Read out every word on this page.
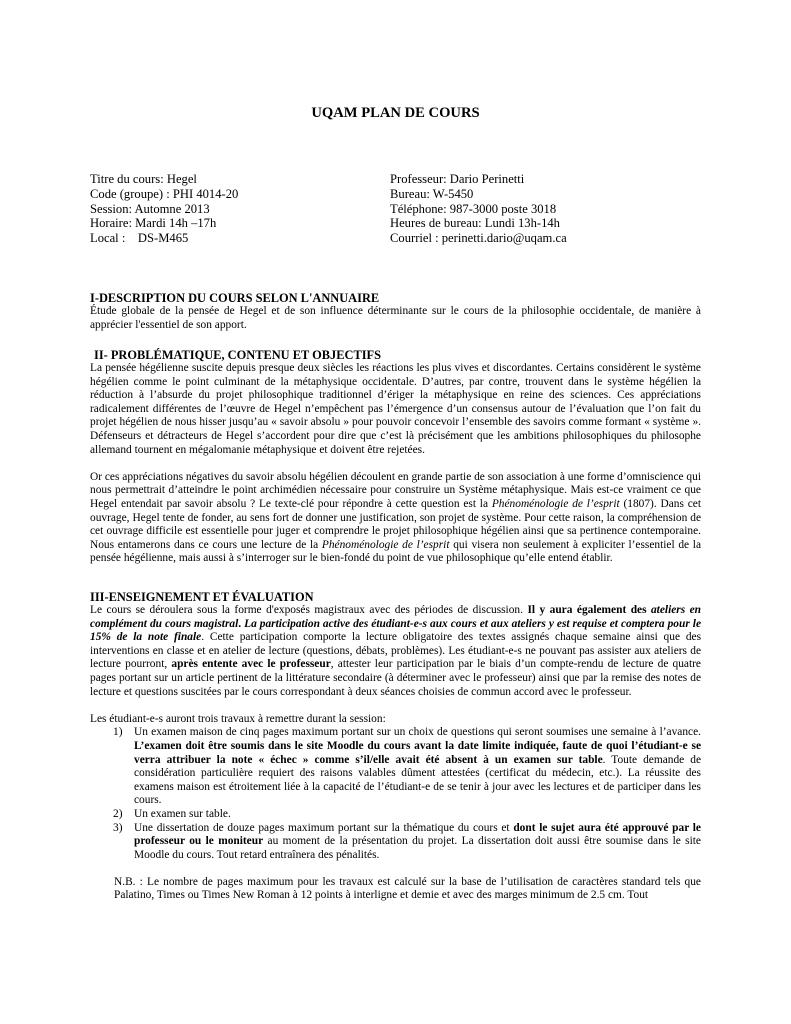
UQAM PLAN DE COURS
Titre du cours: Hegel
Code (groupe) : PHI 4014-20
Session: Automne 2013
Horaire: Mardi 14h –17h
Local :    DS-M465
Professeur: Dario Perinetti
Bureau: W-5450
Téléphone: 987-3000 poste 3018
Heures de bureau: Lundi 13h-14h
Courriel : perinetti.dario@uqam.ca
I-DESCRIPTION DU COURS SELON L'ANNUAIRE

Étude globale de la pensée de Hegel et de son influence déterminante sur le cours de la philosophie occidentale, de manière à apprécier l'essentiel de son apport.

II- PROBLÉMATIQUE, CONTENU ET OBJECTIFS

La pensée hégélienne suscite depuis presque deux siècles les réactions les plus vives et discordantes. Certains considèrent le système hégélien comme le point culminant de la métaphysique occidentale. D’autres, par contre, trouvent dans le système hégélien la réduction à l’absurde du projet philosophique traditionnel d’ériger la métaphysique en reine des sciences. Ces appréciations radicalement différentes de l’œuvre de Hegel n’empêchent pas l’émergence d’un consensus autour de l’évaluation que l’on fait du projet hégélien de nous hisser jusqu’au « savoir absolu » pour pouvoir concevoir l’ensemble des savoirs comme formant « système ». Défenseurs et détracteurs de Hegel s’accordent pour dire que c’est là précisément que les ambitions philosophiques du philosophe allemand tournent en mégalomanie métaphysique et doivent être rejetées.

Or ces appréciations négatives du savoir absolu hégélien découlent en grande partie de son association à une forme d’omniscience qui nous permettrait d’atteindre le point archimédien nécessaire pour construire un Système métaphysique. Mais est-ce vraiment ce que Hegel entendait par savoir absolu ? Le texte-clé pour répondre à cette question est la Phénoménologie de l’esprit (1807). Dans cet ouvrage, Hegel tente de fonder, au sens fort de donner une justification, son projet de système. Pour cette raison, la compréhension de cet ouvrage difficile est essentielle pour juger et comprendre le projet philosophique hégélien ainsi que sa pertinence contemporaine. Nous entamerons dans ce cours une lecture de la Phénoménologie de l’esprit qui visera non seulement à expliciter l’essentiel de la pensée hégélienne, mais aussi à s’interroger sur le bien-fondé du point de vue philosophique qu’elle entend établir.

III-ENSEIGNEMENT ET ÉVALUATION

Le cours se déroulera sous la forme d'exposés magistraux avec des périodes de discussion. Il y aura également des ateliers en complément du cours magistral. La participation active des étudiant-e-s aux cours et aux ateliers y est requise et comptera pour le 15% de la note finale. Cette participation comporte la lecture obligatoire des textes assignés chaque semaine ainsi que des interventions en classe et en atelier de lecture (questions, débats, problèmes). Les étudiant-e-s ne pouvant pas assister aux ateliers de lecture pourront, après entente avec le professeur, attester leur participation par le biais d’un compte-rendu de lecture de quatre pages portant sur un article pertinent de la littérature secondaire (à déterminer avec le professeur) ainsi que par la remise des notes de lecture et questions suscitées par le cours correspondant à deux séances choisies de commun accord avec le professeur.

Les étudiant-e-s auront trois travaux à remettre durant la session:

1) Un examen maison de cinq pages maximum portant sur un choix de questions qui seront soumises une semaine à l’avance. L’examen doit être soumis dans le site Moodle du cours avant la date limite indiquée, faute de quoi l’étudiant-e se verra attribuer la note « échec » comme s’il/elle avait été absent à un examen sur table. Toute demande de considération particulière requiert des raisons valables dûment attestées (certificat du médecin, etc.). La réussite des examens maison est étroitement liée à la capacité de l’étudiant-e de se tenir à jour avec les lectures et de participer dans les cours.
2) Un examen sur table.
3) Une dissertation de douze pages maximum portant sur la thématique du cours et dont le sujet aura été approuvé par le professeur ou le moniteur au moment de la présentation du projet. La dissertation doit aussi être soumise dans le site Moodle du cours. Tout retard entraînera des pénalités.

N.B. : Le nombre de pages maximum pour les travaux est calculé sur la base de l’utilisation de caractères standard tels que Palatino, Times ou Times New Roman à 12 points à interligne et demie et avec des marges minimum de 2.5 cm. Tout
